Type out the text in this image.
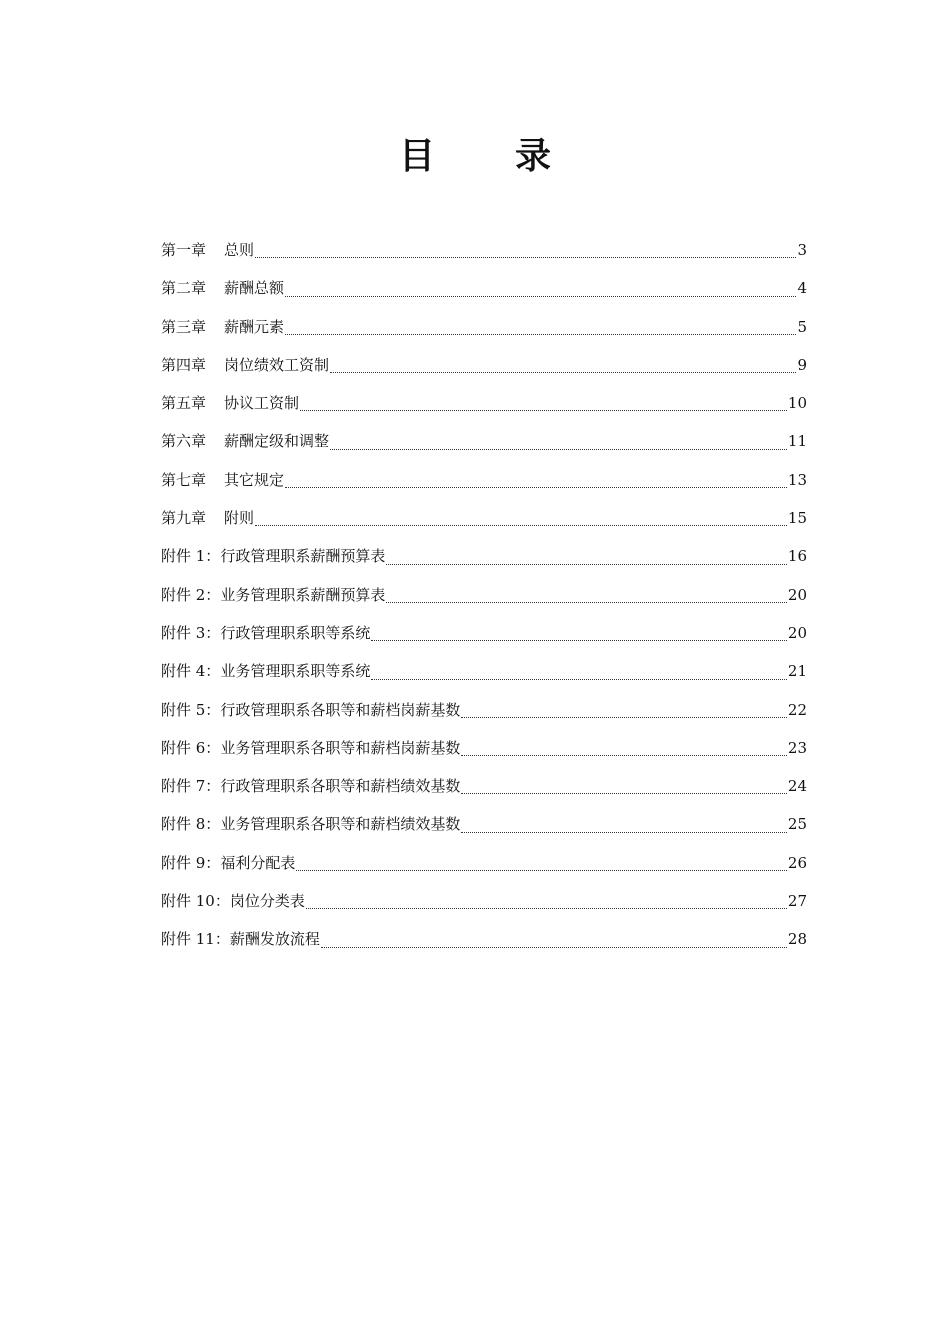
目 录
第一章 总则	3
第二章 薪酬总额	4
第三章 薪酬元素	5
第四章 岗位绩效工资制	9
第五章 协议工资制	10
第六章 薪酬定级和调整	11
第七章 其它规定	13
第九章 附则	15
附件 1：行政管理职系薪酬预算表	16
附件 2：业务管理职系薪酬预算表	20
附件 3：行政管理职系职等系统	20
附件 4：业务管理职系职等系统	21
附件 5：行政管理职系各职等和薪档岗薪基数	22
附件 6：业务管理职系各职等和薪档岗薪基数	23
附件 7：行政管理职系各职等和薪档绩效基数	24
附件 8：业务管理职系各职等和薪档绩效基数	25
附件 9：福利分配表	26
附件 10：岗位分类表	27
附件 11：薪酬发放流程	28
